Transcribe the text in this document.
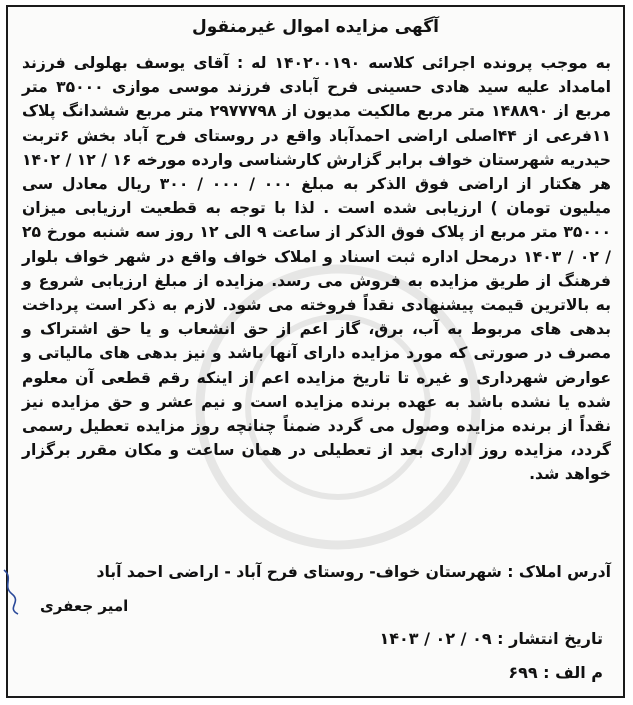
آگهی مزایده اموال غیرمنقول
به موجب پرونده اجرائی کلاسه ۱۴۰۲۰۰۱۹۰ له : آقای یوسف بهلولی فرزند امامداد علیه سید هادی حسینی فرح آبادی فرزند موسی موازی ۳۵۰۰۰ متر مربع از ۱۴۸۸۹۰ متر مربع مالکیت مدیون از ۲۹۷۷۷۹۸ متر مربع ششدانگ پلاک ۱۱فرعی از ۴۴اصلی اراضی احمدآباد واقع در روستای فرح آباد بخش ۶تربت حیدریه شهرستان خواف برابر گزارش کارشناسی وارده مورخه ۱۶ / ۱۲ / ۱۴۰۲ هر هکتار از اراضی فوق الذکر به مبلغ ۰۰۰ / ۰۰۰ / ۳۰۰ ریال معادل سی میلیون تومان ) ارزیابی شده است . لذا با توجه به قطعیت ارزیابی میزان ۳۵۰۰۰ متر مربع از پلاک فوق الذکر از ساعت ۹ الی ۱۲ روز سه شنبه مورخ ۲۵ / ۰۲ / ۱۴۰۳ درمحل اداره ثبت اسناد و املاک خواف واقع در شهر خواف بلوار فرهنگ از طریق مزایده به فروش می رسد. مزایده از مبلغ ارزیابی شروع و به بالاترین قیمت پیشنهادی نقداً فروخته می شود. لازم به ذکر است پرداخت بدهی های مربوط به آب، برق، گاز اعم از حق انشعاب و یا حق اشتراک و مصرف در صورتی که مورد مزایده دارای آنها باشد و نیز بدهی های مالیاتی و عوارض شهرداری و غیره تا تاریخ مزایده اعم از اینکه رقم قطعی آن معلوم شده یا نشده باشد به عهده برنده مزایده است و نیم عشر و حق مزایده نیز نقداً از برنده مزایده وصول می گردد ضمناً چنانچه روز مزایده تعطیل رسمی گردد، مزایده روز اداری بعد از تعطیلی در همان ساعت و مکان مقرر برگزار خواهد شد.
آدرس املاک : شهرستان خواف- روستای فرح آباد - اراضی احمد آباد
امیر جعفری
تاریخ انتشار : ۰۹ / ۰۲ / ۱۴۰۳
م الف : ۶۹۹
